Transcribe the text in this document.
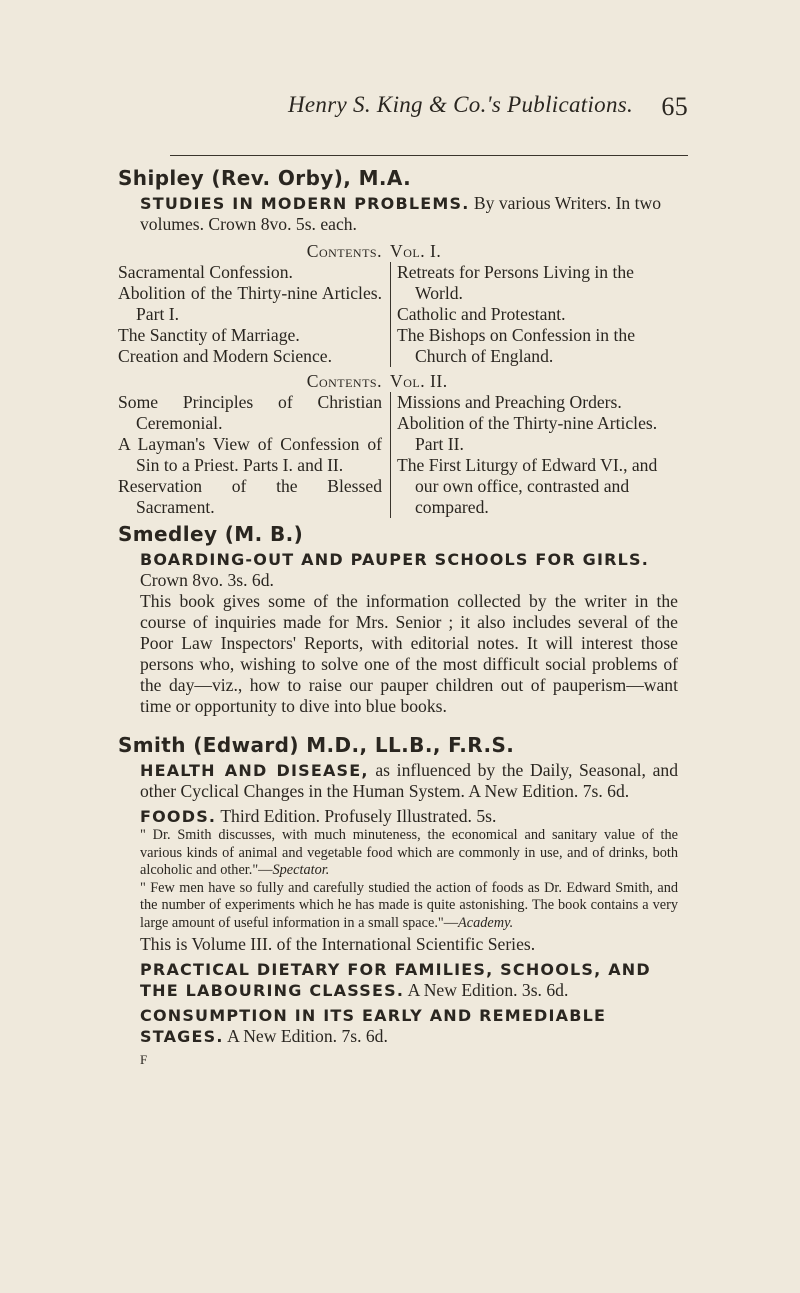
Henry S. King & Co.'s Publications. 65
Shipley (Rev. Orby), M.A.

STUDIES IN MODERN PROBLEMS. By various Writers. In two volumes. Crown 8vo. 5s. each.

Contents. Vol. I.

Sacramental Confession.

Abolition of the Thirty-nine Articles. Part I.

The Sanctity of Marriage.

Creation and Modern Science.

Retreats for Persons Living in the World.

Catholic and Protestant.

The Bishops on Confession in the Church of England.

Contents. Vol. II.

Some Principles of Christian Ceremonial.

A Layman's View of Confession of Sin to a Priest. Parts I. and II.

Reservation of the Blessed Sacrament.

Missions and Preaching Orders.

Abolition of the Thirty-nine Articles. Part II.

The First Liturgy of Edward VI., and our own office, contrasted and compared.

Smedley (M. B.)

BOARDING-OUT AND PAUPER SCHOOLS FOR GIRLS. Crown 8vo. 3s. 6d.

This book gives some of the information collected by the writer in the course of inquiries made for Mrs. Senior ; it also includes several of the Poor Law Inspectors' Reports, with editorial notes. It will interest those persons who, wishing to solve one of the most difficult social problems of the day—viz., how to raise our pauper children out of pauperism—want time or opportunity to dive into blue books.

Smith (Edward) M.D., LL.B., F.R.S.

HEALTH AND DISEASE, as influenced by the Daily, Seasonal, and other Cyclical Changes in the Human System. A New Edition. 7s. 6d.

FOODS. Third Edition. Profusely Illustrated. 5s.

" Dr. Smith discusses, with much minuteness, the economical and sanitary value of the various kinds of animal and vegetable food which are commonly in use, and of drinks, both alcoholic and other."—Spectator.

" Few men have so fully and carefully studied the action of foods as Dr. Edward Smith, and the number of experiments which he has made is quite astonishing. The book contains a very large amount of useful information in a small space."—Academy.

This is Volume III. of the International Scientific Series.

PRACTICAL DIETARY FOR FAMILIES, SCHOOLS, AND THE LABOURING CLASSES. A New Edition. 3s. 6d.

CONSUMPTION IN ITS EARLY AND REMEDIABLE STAGES. A New Edition. 7s. 6d.

F
